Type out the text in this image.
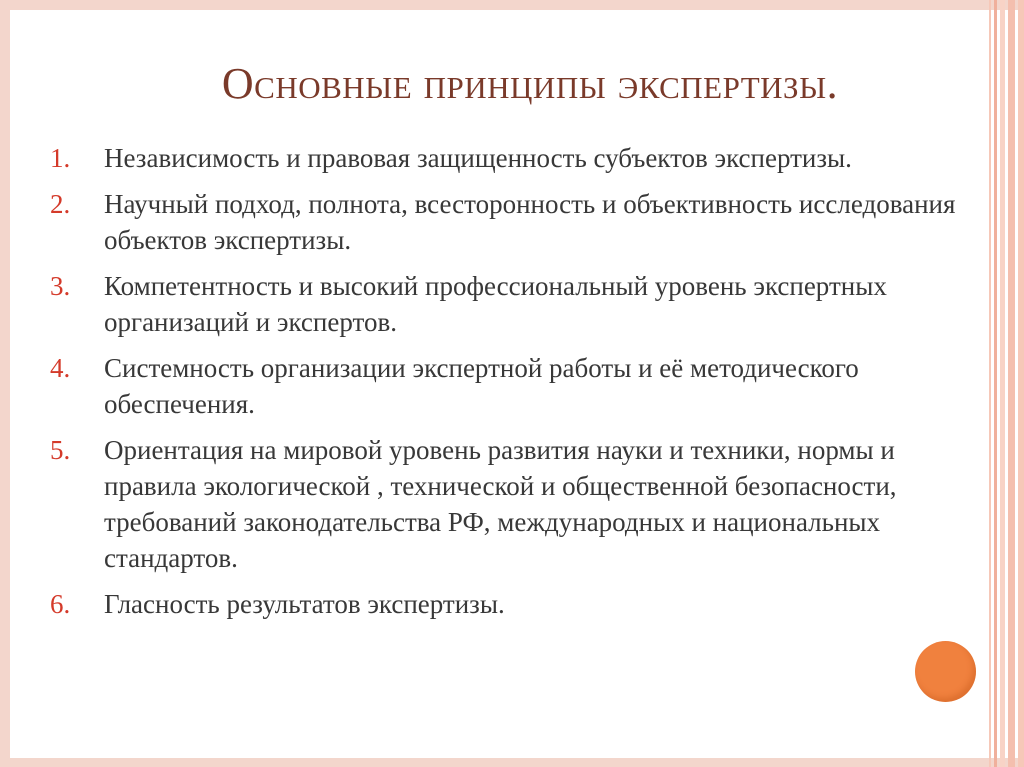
Основные принципы экспертизы.
1.	Независимость и правовая защищенность субъектов экспертизы.
2.	Научный подход, полнота, всесторонность и объективность исследования объектов экспертизы.
3.	Компетентность и высокий профессиональный уровень экспертных организаций и экспертов.
4.	Системность организации экспертной работы и её методического обеспечения.
5.	Ориентация на мировой уровень развития науки и техники, нормы и правила экологической , технической и общественной безопасности, требований законодательства РФ, международных и национальных стандартов.
6.	Гласность результатов экспертизы.
